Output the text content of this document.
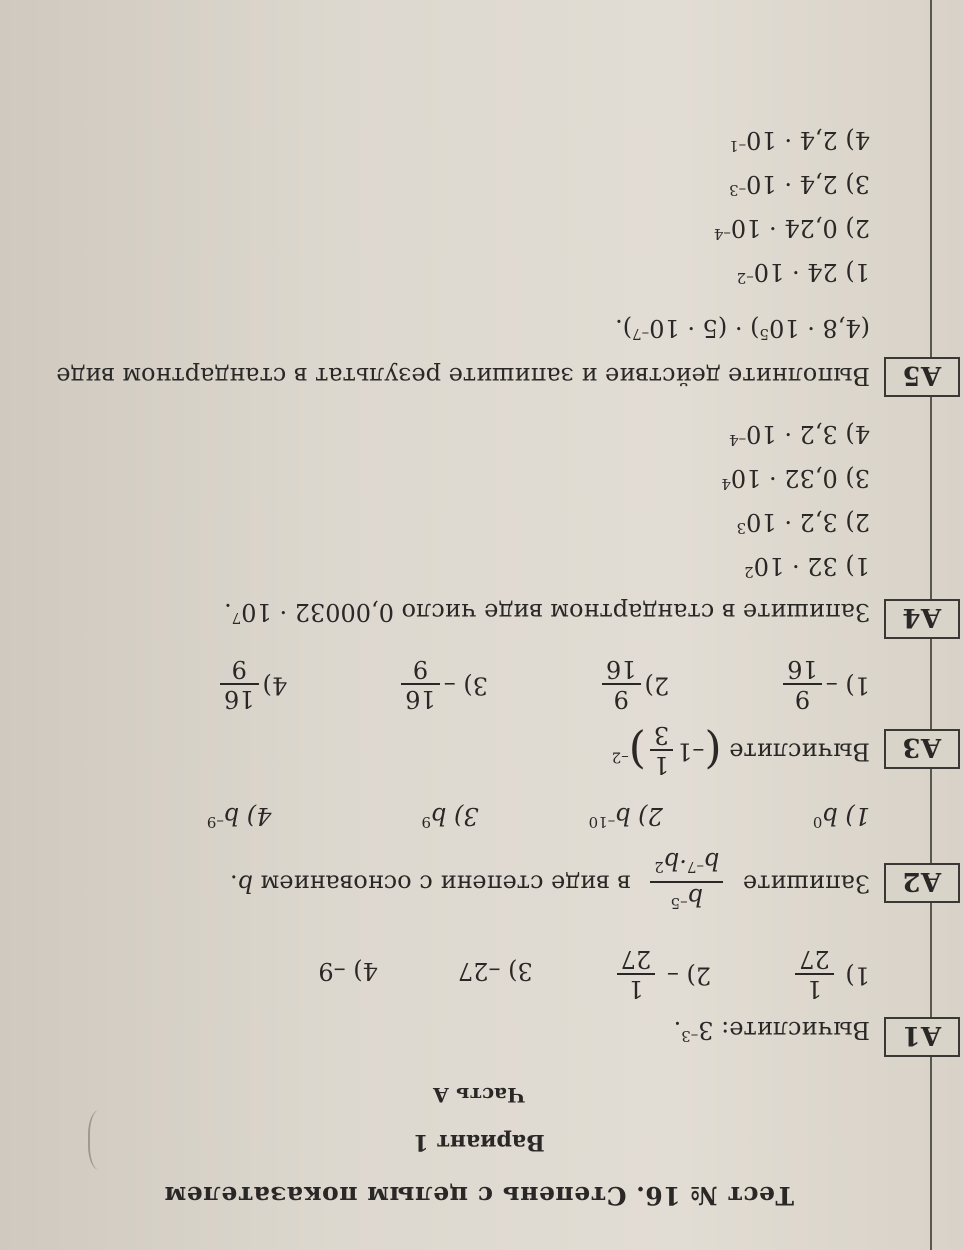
Тест № 16. Степень с целым показателем
Вариант 1
Часть А
А1
Вычислите: $3^{-3}$.
1)
1
27
2) –
1
27
3) –27
4) –9
А2
Запишите
$b^{-5}$
$b^{-7}\cdot b^2$
в виде степени с основанием b.
1) $b^0$
2) $b^{-10}$
3) $b^9$
4) $b^{-9}$
А3
Вычислите (–1
1
3
)$^{-2}$
1) –
9
16
2)
9
16
3) –
16
9
4)
16
9
А4
Запишите в стандартном виде число $0,00032 \cdot 10^7$.
1) $32 \cdot 10^2$
2) $3,2 \cdot 10^3$
3) $0,32 \cdot 10^4$
4) $3,2 \cdot 10^{-4}$
А5
Выполните действие и запишите результат в стандартном виде
$(4,8 \cdot 10^5) \cdot (5 \cdot 10^{-7})$.
1) $24 \cdot 10^{-2}$
2) $0,24 \cdot 10^{-4}$
3) $2,4 \cdot 10^{-3}$
4) $2,4 \cdot 10^{-1}$
